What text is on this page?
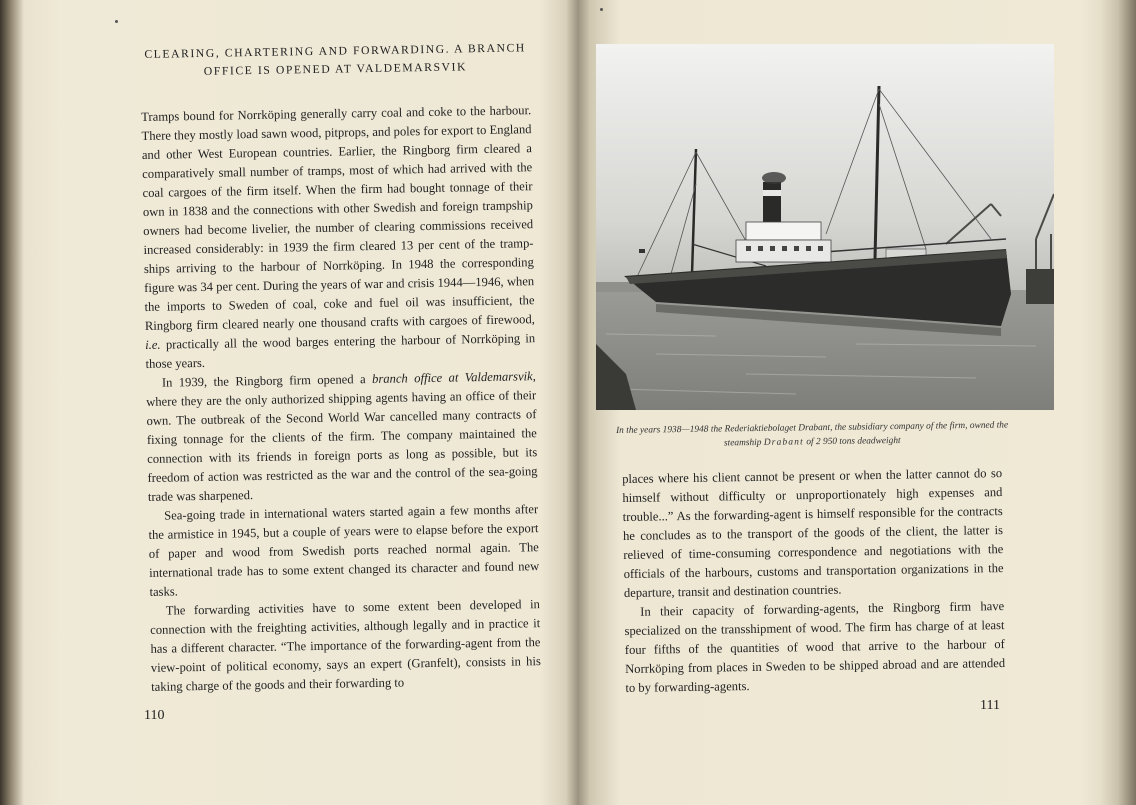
CLEARING, CHARTERING AND FORWARDING. A BRANCH
OFFICE IS OPENED AT VALDEMARSVIK

Tramps bound for Norrköping generally carry coal and coke to the harbour. There they mostly load sawn wood, pitprops, and poles for export to England and other West European countries. Earlier, the Ringborg firm cleared a comparatively small number of tramps, most of which had arrived with the coal cargoes of the firm itself. When the firm had bought tonnage of their own in 1838 and the connections with other Swedish and foreign trampship owners had become livelier, the number of clearing commissions received increased considerably: in 1939 the firm cleared 13 per cent of the tramp-ships arriving to the harbour of Norrköping. In 1948 the corresponding figure was 34 per cent. During the years of war and crisis 1944—1946, when the imports to Sweden of coal, coke and fuel oil was insufficient, the Ringborg firm cleared nearly one thousand crafts with cargoes of firewood, i.e. practically all the wood barges entering the harbour of Norrköping in those years.

In 1939, the Ringborg firm opened a branch office at Valdemarsvik, where they are the only authorized shipping agents having an office of their own. The outbreak of the Second World War cancelled many contracts of fixing tonnage for the clients of the firm. The company maintained the connection with its friends in foreign ports as long as possible, but its freedom of action was restricted as the war and the control of the sea-going trade was sharpened.

Sea-going trade in international waters started again a few months after the armistice in 1945, but a couple of years were to elapse before the export of paper and wood from Swedish ports reached normal again. The international trade has to some extent changed its character and found new tasks.

The forwarding activities have to some extent been developed in connection with the freighting activities, although legally and in practice it has a different character. “The importance of the forwarding-agent from the view-point of political economy, says an expert (Granfelt), consists in his taking charge of the goods and their forwarding to

110
In the years 1938—1948 the Rederiaktiebolaget Drabant, the subsidiary company of the firm, owned the steamship Drabant of 2 950 tons deadweight

places where his client cannot be present or when the latter cannot do so himself without difficulty or unproportionately high expenses and trouble...” As the forwarding-agent is himself responsible for the contracts he concludes as to the transport of the goods of the client, the latter is relieved of time-consuming correspondence and negotiations with the officials of the harbours, customs and transportation organizations in the departure, transit and destination countries.

In their capacity of forwarding-agents, the Ringborg firm have specialized on the transshipment of wood. The firm has charge of at least four fifths of the quantities of wood that arrive to the harbour of Norrköping from places in Sweden to be shipped abroad and are attended to by forwarding-agents.

111
